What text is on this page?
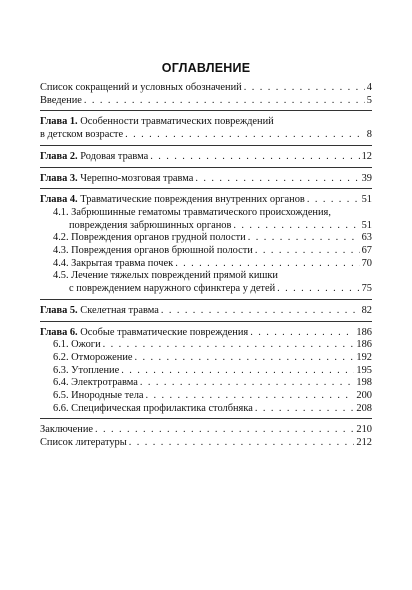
ОГЛАВЛЕНИЕ
Список сокращений и условных обозначений . . .	4
Введение . . .	5
Глава 1. Особенности травматических повреждений
в детском возрасте . . .	8
Глава 2. Родовая травма . . .	12
Глава 3. Черепно-мозговая травма . . .	39
Глава 4. Травматические повреждения внутренних органов . . .	51
4.1. Забрюшинные гематомы травматического происхождения,
повреждения забрюшинных органов . . .	51
4.2. Повреждения органов грудной полости . . .	63
4.3. Повреждения органов брюшной полости . . .	67
4.4. Закрытая травма почек . . .	70
4.5. Лечение тяжелых повреждений прямой кишки
с повреждением наружного сфинктера у детей . . .	75
Глава 5. Скелетная травма . . .	82
Глава 6. Особые травматические повреждения . . .	186
6.1. Ожоги . . .	186
6.2. Отморожение . . .	192
6.3. Утопление . . .	195
6.4. Электротравма . . .	198
6.5. Инородные тела . . .	200
6.6. Специфическая профилактика столбняка . . .	208
Заключение . . .	210
Список литературы . . .	212
